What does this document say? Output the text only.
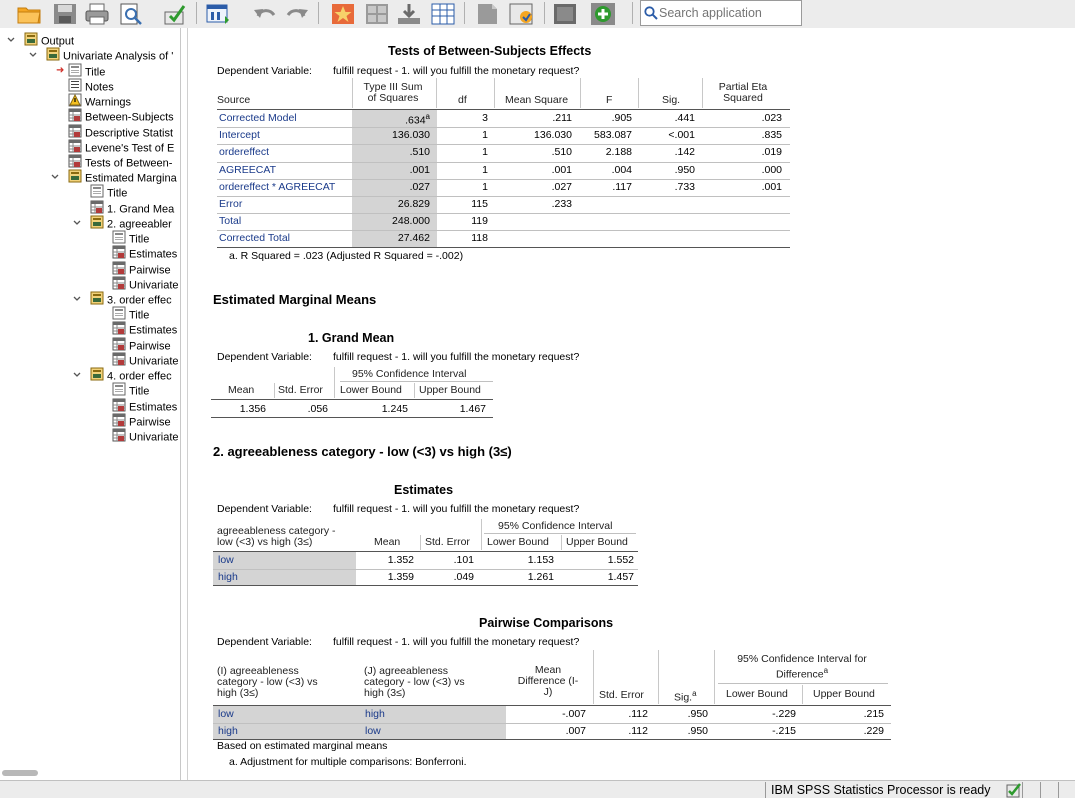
Search application
Output
Univariate Analysis of '
➜ Title
Notes
Warnings
Between-Subjects
Descriptive Statist
Levene's Test of E
Tests of Between-
Estimated Margina
Title
1. Grand Mea
2. agreeabler
Title
Estimates
Pairwise
Univariate
3. order effec
Title
Estimates
Pairwise
Univariate
4. order effec
Title
Estimates
Pairwise
Univariate
Tests of Between-Subjects Effects
Dependent Variable: fulfill request - 1. will you fulfill the monetary request?
Source
Type III Sum
of Squares	df	Mean Square	F	Sig.
Partial Eta
Squared
Corrected Model	.634$^a$	3	.211	.905	.441	.023
Intercept	136.030	1	136.030	583.087	<.001	.835
ordereffect	.510	1	.510	2.188	.142	.019
AGREECAT	.001	1	.001	.004	.950	.000
ordereffect * AGREECAT	.027	1	.027	.117	.733	.001
Error	26.829	115	.233
Total	248.000	119
Corrected Total	27.462	118
a. R Squared = .023 (Adjusted R Squared = -.002)
Estimated Marginal Means
1. Grand Mean
Dependent Variable: fulfill request - 1. will you fulfill the monetary request?
95% Confidence Interval
Mean Std. Error Lower Bound Upper Bound
1.356	.056	1.245	1.467
2. agreeableness category - low (<3) vs high (3≤)
Estimates
Dependent Variable: fulfill request - 1. will you fulfill the monetary request?
95% Confidence Interval
agreeableness category -
low (<3) vs high (3≤)	Mean Std. Error Lower Bound Upper Bound
low	1.352	.101	1.153	1.552
high	1.359	.049	1.261	1.457
Pairwise Comparisons
Dependent Variable: fulfill request - 1. will you fulfill the monetary request?
95% Confidence Interval for
Difference$^a$
(I) agreeableness
category - low (<3) vs
high (3≤)
(J) agreeableness
category - low (<3) vs
high (3≤)
Mean
Difference (I-
J)	Std. Error	Sig.$^a$	Lower Bound Upper Bound
low	high	-.007	.112	.950	-.229	.215
high	low	.007	.112	.950	-.215	.229
Based on estimated marginal means
a. Adjustment for multiple comparisons: Bonferroni.
IBM SPSS Statistics Processor is ready
